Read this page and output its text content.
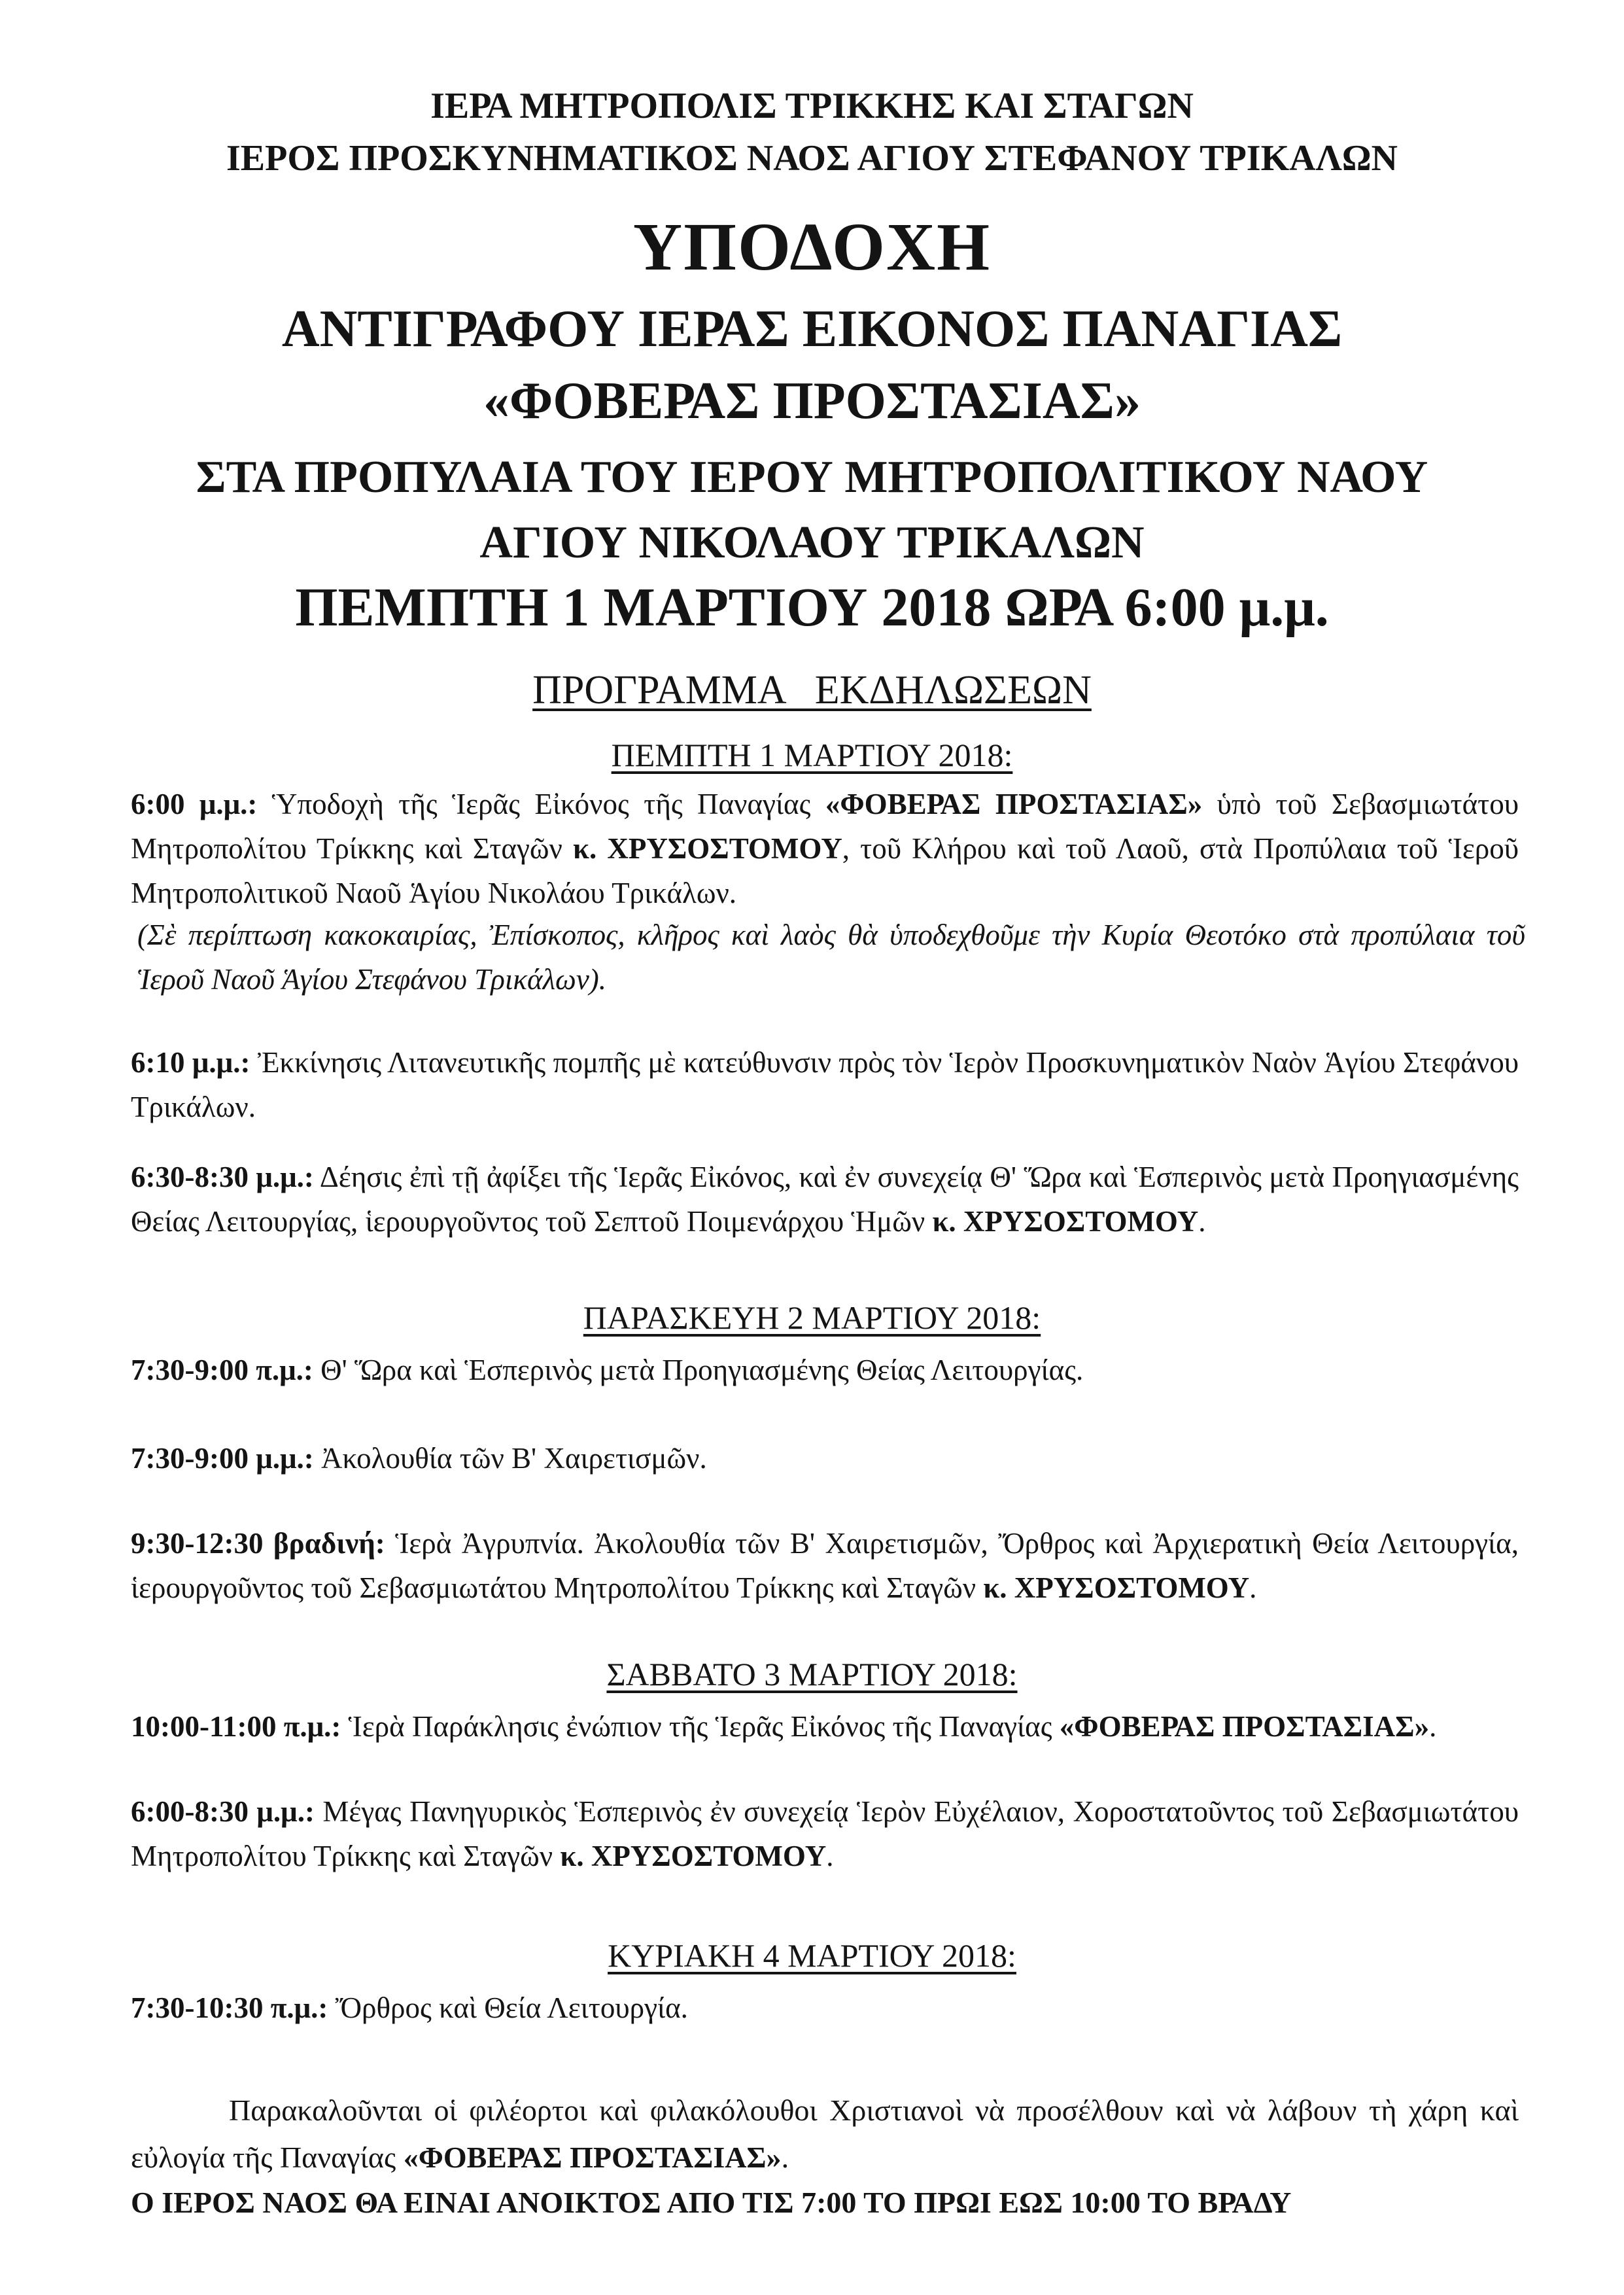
ΙΕΡΑ ΜΗΤΡΟΠΟΛΙΣ ΤΡΙΚΚΗΣ ΚΑΙ ΣΤΑΓΩΝ
ΙΕΡΟΣ ΠΡΟΣΚΥΝΗΜΑΤΙΚΟΣ ΝΑΟΣ ΑΓΙΟΥ ΣΤΕΦΑΝΟΥ ΤΡΙΚΑΛΩΝ
ΥΠΟΔΟΧΗ
ΑΝΤΙΓΡΑΦΟΥ ΙΕΡΑΣ ΕΙΚΟΝΟΣ ΠΑΝΑΓΙΑΣ
«ΦΟΒΕΡΑΣ ΠΡΟΣΤΑΣΙΑΣ»
ΣΤΑ ΠΡΟΠΥΛΑΙΑ ΤΟΥ ΙΕΡΟΥ ΜΗΤΡΟΠΟΛΙΤΙΚΟΥ ΝΑΟΥ
ΑΓΙΟΥ ΝΙΚΟΛΑΟΥ ΤΡΙΚΑΛΩΝ
ΠΕΜΠΤΗ 1 ΜΑΡΤΙΟΥ 2018 ΩΡΑ 6:00 μ.μ.
ΠΡΟΓΡΑΜΜΑ   ΕΚΔΗΛΩΣΕΩΝ
ΠΕΜΠΤΗ 1 ΜΑΡΤΙΟΥ 2018:
6:00 μ.μ.: Ὑποδοχὴ τῆς Ἱερᾶς Εἰκόνος τῆς Παναγίας «ΦΟΒΕΡΑΣ ΠΡΟΣΤΑΣΙΑΣ» ὑπὸ τοῦ Σεβασμιωτάτου Μητροπολίτου Τρίκκης καὶ Σταγῶν κ. ΧΡΥΣΟΣΤΟΜΟΥ, τοῦ Κλήρου καὶ τοῦ Λαοῦ, στὰ Προπύλαια τοῦ Ἱεροῦ Μητροπολιτικοῦ Ναοῦ Ἁγίου Νικολάου Τρικάλων.
(Σὲ περίπτωση κακοκαιρίας, Ἐπίσκοπος, κλῆρος καὶ λαὸς θὰ ὑποδεχθοῦμε τὴν Κυρία Θεοτόκο στὰ προπύλαια τοῦ Ἱεροῦ Ναοῦ Ἁγίου Στεφάνου Τρικάλων).
6:10 μ.μ.: Ἐκκίνησις Λιτανευτικῆς πομπῆς μὲ κατεύθυνσιν πρὸς τὸν Ἱερὸν Προσκυνηματικὸν Ναὸν Ἁγίου Στεφάνου Τρικάλων.
6:30-8:30 μ.μ.: Δέησις ἐπὶ τῇ ἀφίξει τῆς Ἱερᾶς Εἰκόνος, καὶ ἐν συνεχείᾳ Θ' Ὥρα καὶ Ἑσπερινὸς μετὰ Προηγιασμένης Θείας Λειτουργίας, ἱερουργοῦντος τοῦ Σεπτοῦ Ποιμενάρχου Ἡμῶν κ. ΧΡΥΣΟΣΤΟΜΟΥ.
ΠΑΡΑΣΚΕΥΗ 2 ΜΑΡΤΙΟΥ 2018:
7:30-9:00 π.μ.: Θ' Ὥρα καὶ Ἑσπερινὸς μετὰ Προηγιασμένης Θείας Λειτουργίας.
7:30-9:00 μ.μ.: Ἀκολουθία τῶν Β' Χαιρετισμῶν.
9:30-12:30 βραδινή: Ἱερὰ Ἀγρυπνία. Ἀκολουθία τῶν Β' Χαιρετισμῶν, Ὄρθρος καὶ Ἀρχιερατικὴ Θεία Λειτουργία, ἱερουργοῦντος τοῦ Σεβασμιωτάτου Μητροπολίτου Τρίκκης καὶ Σταγῶν κ. ΧΡΥΣΟΣΤΟΜΟΥ.
ΣΑΒΒΑΤΟ 3 ΜΑΡΤΙΟΥ 2018:
10:00-11:00 π.μ.: Ἱερὰ Παράκλησις ἐνώπιον τῆς Ἱερᾶς Εἰκόνος τῆς Παναγίας «ΦΟΒΕΡΑΣ ΠΡΟΣΤΑΣΙΑΣ».
6:00-8:30 μ.μ.: Μέγας Πανηγυρικὸς Ἑσπερινὸς ἐν συνεχείᾳ Ἱερὸν Εὐχέλαιον, Χοροστατοῦντος τοῦ Σεβασμιωτάτου Μητροπολίτου Τρίκκης καὶ Σταγῶν κ. ΧΡΥΣΟΣΤΟΜΟΥ.
ΚΥΡΙΑΚΗ 4 ΜΑΡΤΙΟΥ 2018:
7:30-10:30 π.μ.: Ὄρθρος καὶ Θεία Λειτουργία.
Παρακαλοῦνται οἱ φιλέορτοι καὶ φιλακόλουθοι Χριστιανοὶ νὰ προσέλθουν καὶ νὰ λάβουν τὴ χάρη καὶ εὐλογία τῆς Παναγίας «ΦΟΒΕΡΑΣ ΠΡΟΣΤΑΣΙΑΣ».
Ο ΙΕΡΟΣ ΝΑΟΣ ΘΑ ΕΙΝΑΙ ΑΝΟΙΚΤΟΣ ΑΠΟ ΤΙΣ 7:00 ΤΟ ΠΡΩΙ ΕΩΣ 10:00 ΤΟ ΒΡΑΔΥ
